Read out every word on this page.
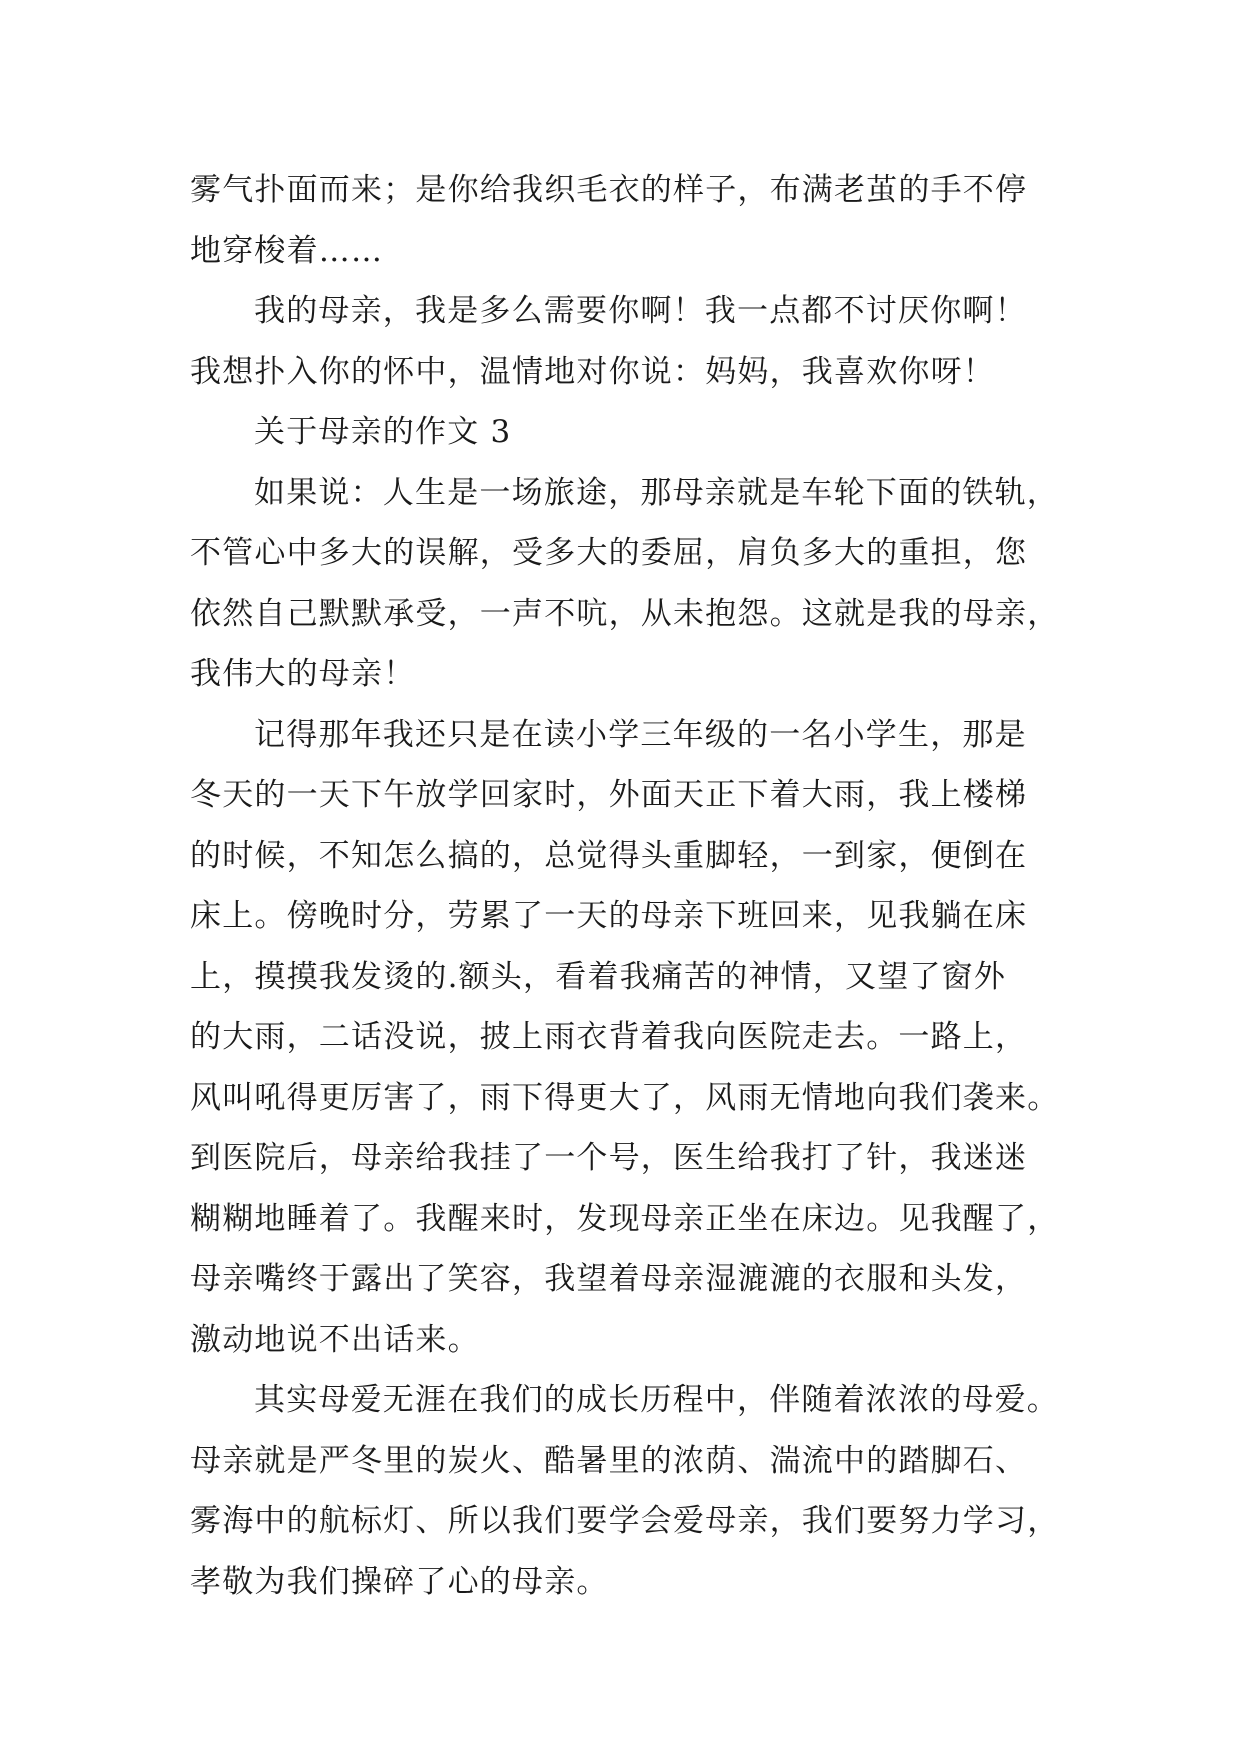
雾气扑面而来；是你给我织毛衣的样子，布满老茧的手不停
地穿梭着……
我的母亲，我是多么需要你啊！我一点都不讨厌你啊！
我想扑入你的怀中，温情地对你说：妈妈，我喜欢你呀！
关于母亲的作文 3
如果说：人生是一场旅途，那母亲就是车轮下面的铁轨，
不管心中多大的误解，受多大的委屈，肩负多大的重担，您
依然自己默默承受，一声不吭，从未抱怨。这就是我的母亲，
我伟大的母亲！
记得那年我还只是在读小学三年级的一名小学生，那是
冬天的一天下午放学回家时，外面天正下着大雨，我上楼梯
的时候，不知怎么搞的，总觉得头重脚轻，一到家，便倒在
床上。傍晚时分，劳累了一天的母亲下班回来，见我躺在床
上，摸摸我发烫的.额头，看着我痛苦的神情，又望了窗外
的大雨，二话没说，披上雨衣背着我向医院走去。一路上，
风叫吼得更厉害了，雨下得更大了，风雨无情地向我们袭来。
到医院后，母亲给我挂了一个号，医生给我打了针，我迷迷
糊糊地睡着了。我醒来时，发现母亲正坐在床边。见我醒了，
母亲嘴终于露出了笑容，我望着母亲湿漉漉的衣服和头发，
激动地说不出话来。
其实母爱无涯在我们的成长历程中，伴随着浓浓的母爱。
母亲就是严冬里的炭火、酷暑里的浓荫、湍流中的踏脚石、
雾海中的航标灯、所以我们要学会爱母亲，我们要努力学习，
孝敬为我们操碎了心的母亲。
